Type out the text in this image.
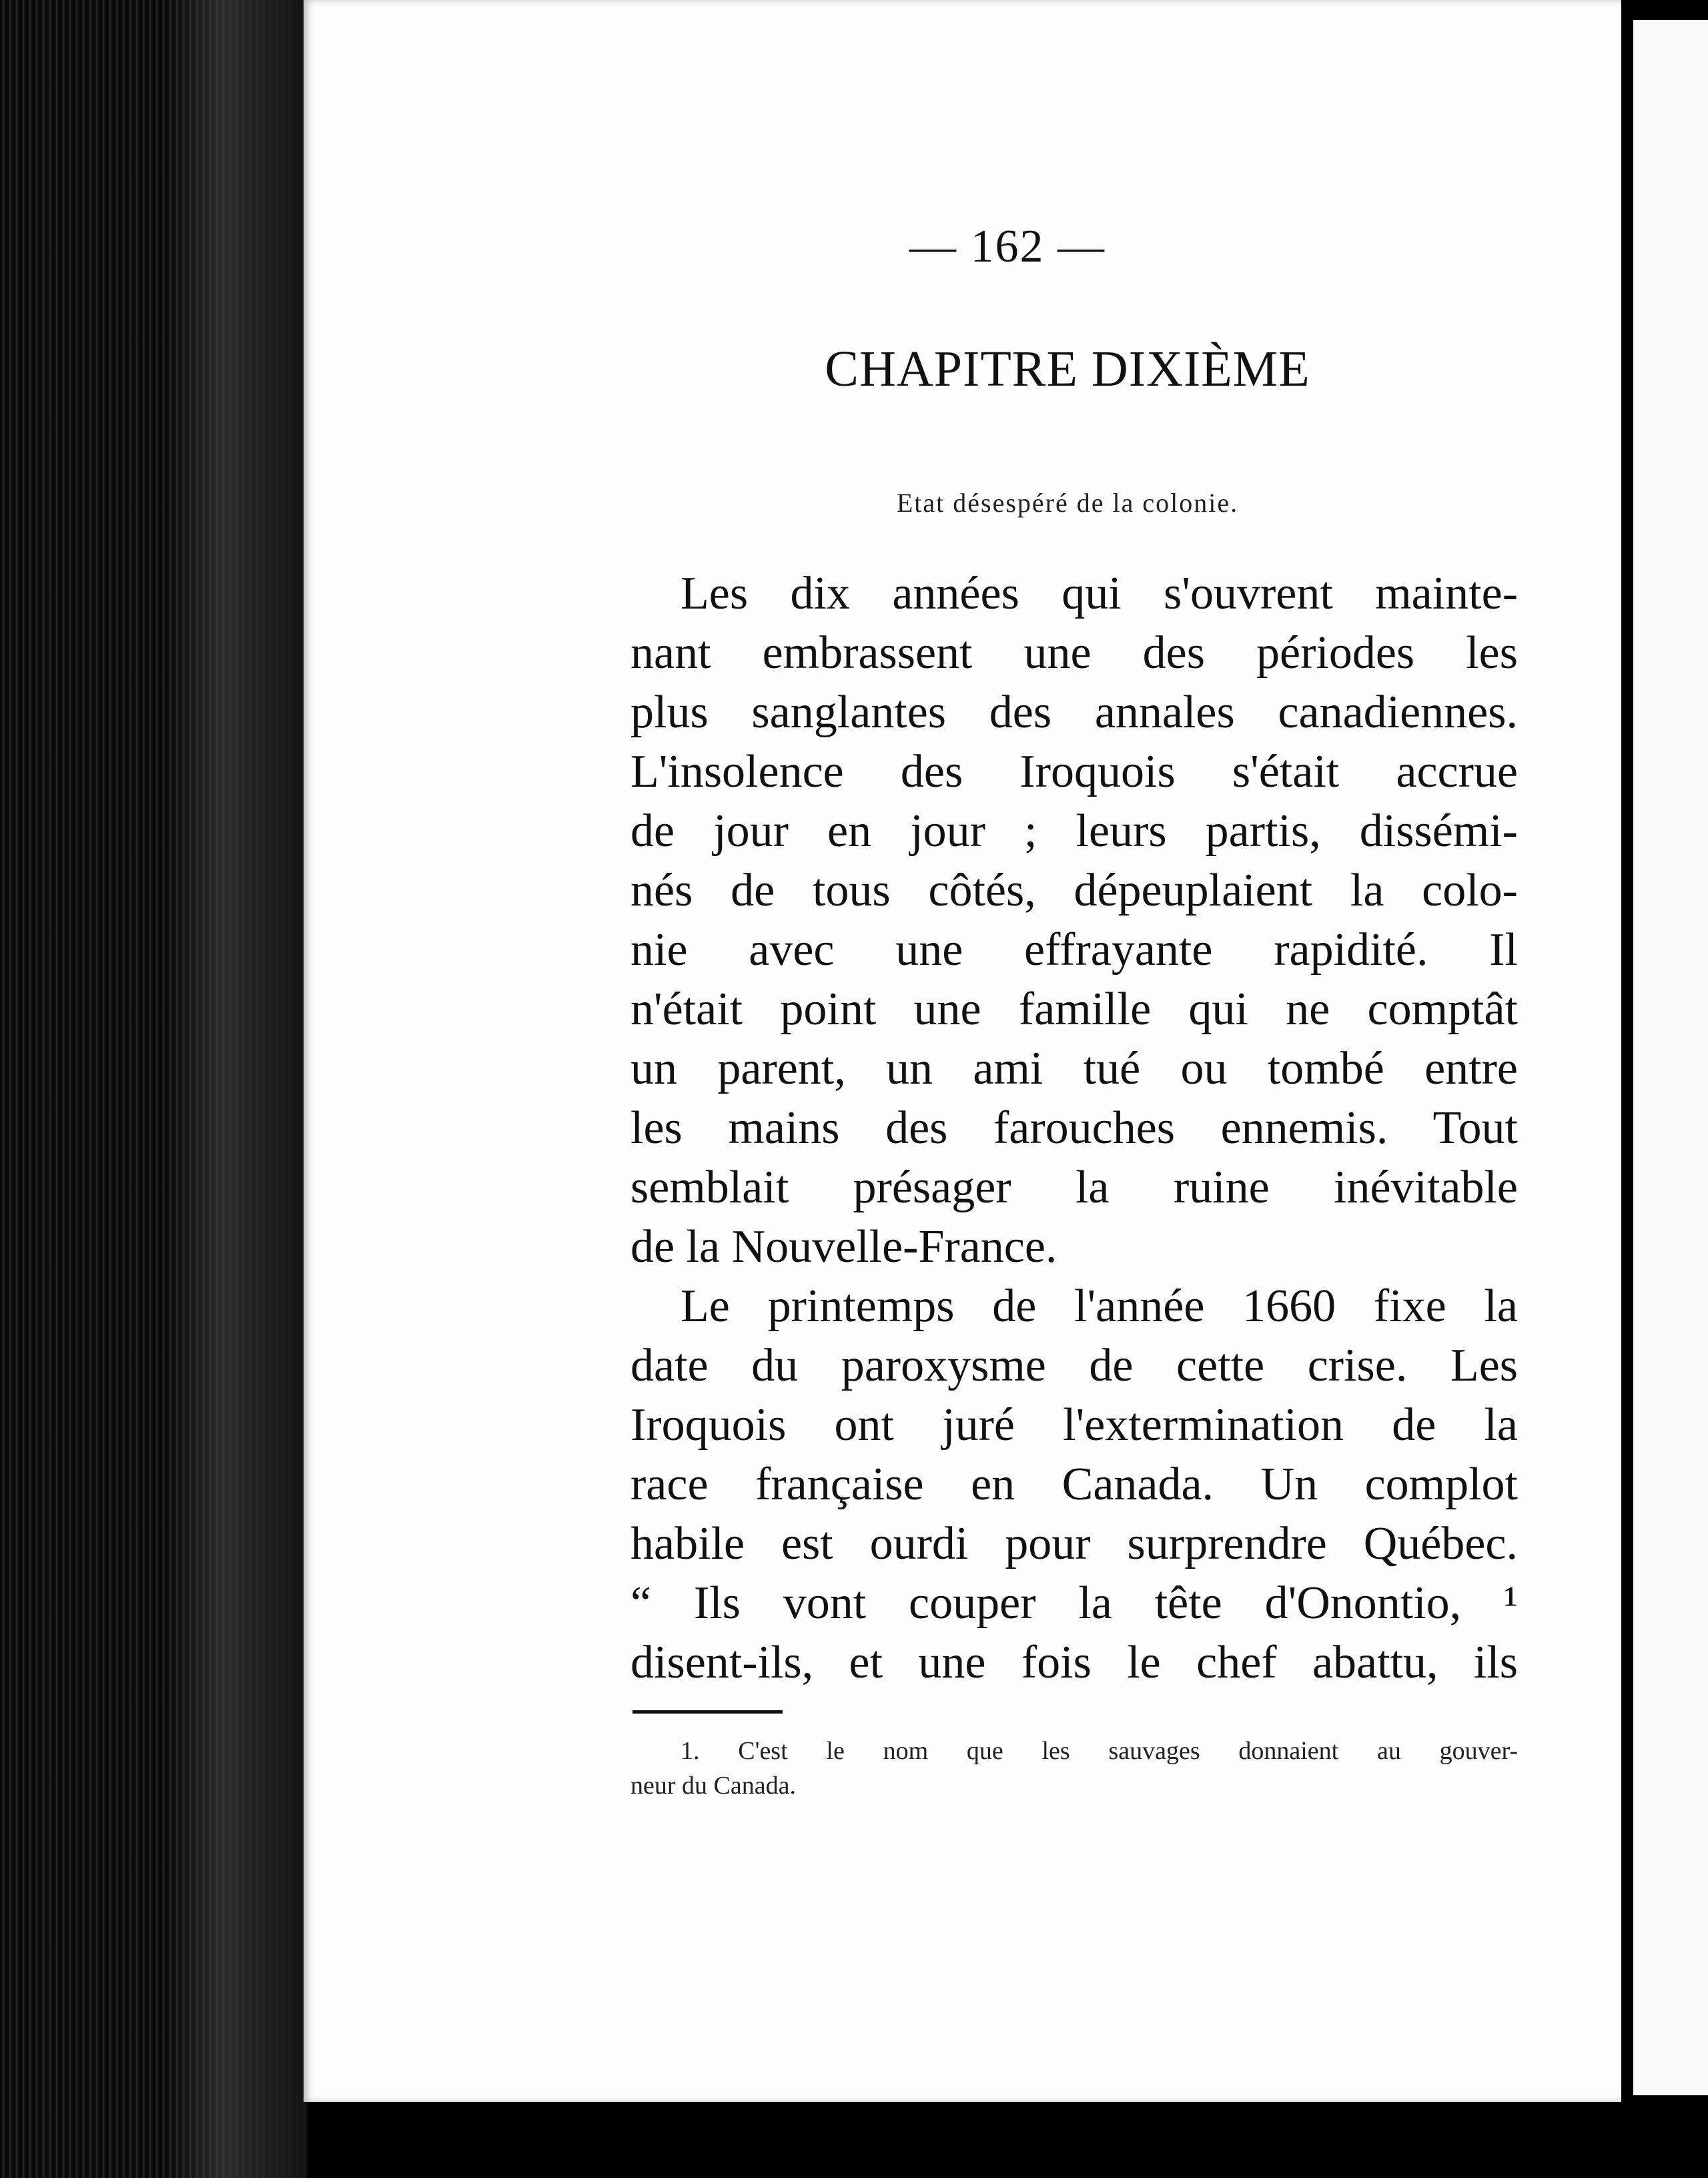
— 162 —
CHAPITRE DIXIÈME
Etat désespéré de la colonie.
Les dix années qui s'ouvrent mainte-
nant embrassent une des périodes les
plus sanglantes des annales canadiennes.
L'insolence des Iroquois s'était accrue
de jour en jour ; leurs partis, dissémi-
nés de tous côtés, dépeuplaient la colo-
nie avec une effrayante rapidité. Il
n'était point une famille qui ne comptât
un parent, un ami tué ou tombé entre
les mains des farouches ennemis. Tout
semblait présager la ruine inévitable
de la Nouvelle-France.
Le printemps de l'année 1660 fixe la
date du paroxysme de cette crise. Les
Iroquois ont juré l'extermination de la
race française en Canada. Un complot
habile est ourdi pour surprendre Québec.
“ Ils vont couper la tête d'Onontio, ¹
disent-ils, et une fois le chef abattu, ils
1. C'est le nom que les sauvages donnaient au gouver-
neur du Canada.
